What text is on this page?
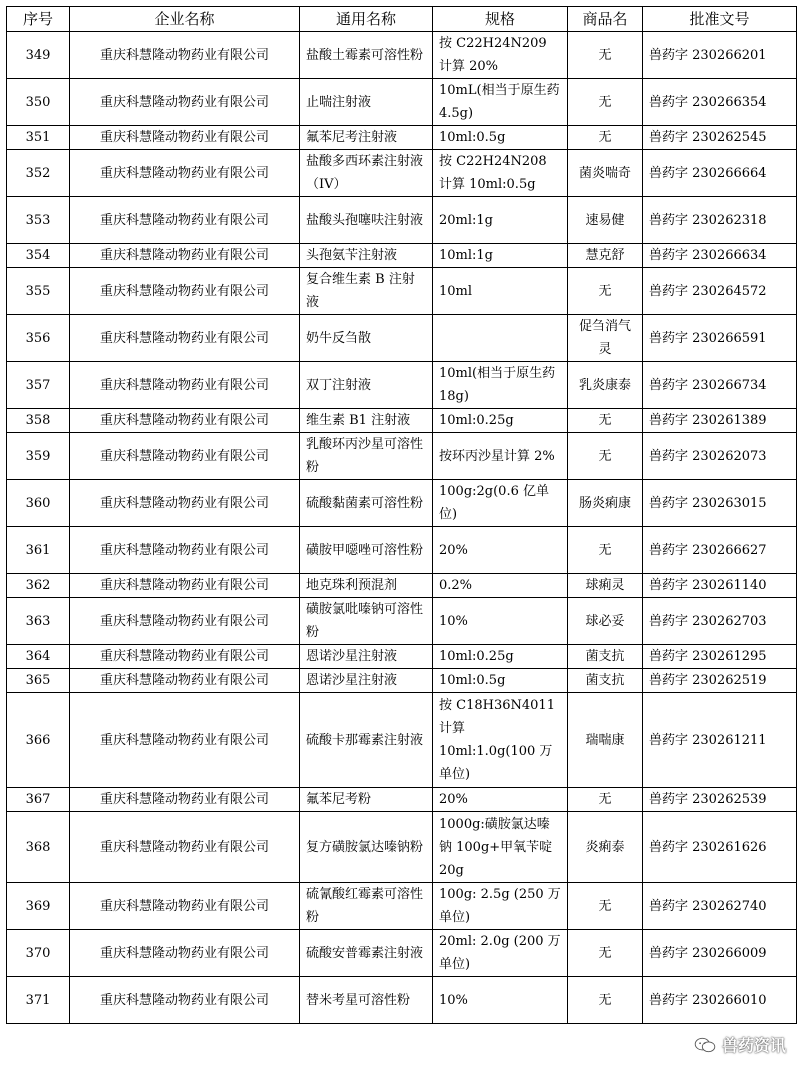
序号	企业名称	通用名称	规格	商品名	批准文号
349	重庆科慧隆动物药业有限公司	盐酸土霉素可溶性粉	按 C22H24N209 计算 20%	无	兽药字 230266201
350	重庆科慧隆动物药业有限公司	止喘注射液	10mL(相当于原生药 4.5g)	无	兽药字 230266354
351	重庆科慧隆动物药业有限公司	氟苯尼考注射液	10ml:0.5g	无	兽药字 230262545
352	重庆科慧隆动物药业有限公司	盐酸多西环素注射液（IV）	按 C22H24N208 计算 10ml:0.5g	菌炎喘奇	兽药字 230266664
353	重庆科慧隆动物药业有限公司	盐酸头孢噻呋注射液	20ml:1g	速易健	兽药字 230262318
354	重庆科慧隆动物药业有限公司	头孢氨苄注射液	10ml:1g	慧克舒	兽药字 230266634
355	重庆科慧隆动物药业有限公司	复合维生素 B 注射液	10ml	无	兽药字 230264572
356	重庆科慧隆动物药业有限公司	奶牛反刍散		促刍消气灵	兽药字 230266591
357	重庆科慧隆动物药业有限公司	双丁注射液	10ml(相当于原生药 18g)	乳炎康泰	兽药字 230266734
358	重庆科慧隆动物药业有限公司	维生素 B1 注射液	10ml:0.25g	无	兽药字 230261389
359	重庆科慧隆动物药业有限公司	乳酸环丙沙星可溶性粉	按环丙沙星计算 2%	无	兽药字 230262073
360	重庆科慧隆动物药业有限公司	硫酸黏菌素可溶性粉	100g:2g(0.6 亿单位)	肠炎痢康	兽药字 230263015
361	重庆科慧隆动物药业有限公司	磺胺甲噁唑可溶性粉	20%	无	兽药字 230266627
362	重庆科慧隆动物药业有限公司	地克珠利预混剂	0.2%	球痢灵	兽药字 230261140
363	重庆科慧隆动物药业有限公司	磺胺氯吡嗪钠可溶性粉	10%	球必妥	兽药字 230262703
364	重庆科慧隆动物药业有限公司	恩诺沙星注射液	10ml:0.25g	菌支抗	兽药字 230261295
365	重庆科慧隆动物药业有限公司	恩诺沙星注射液	10ml:0.5g	菌支抗	兽药字 230262519
366	重庆科慧隆动物药业有限公司	硫酸卡那霉素注射液	按 C18H36N4011 计算 10ml:1.0g(100 万单位)	瑞喘康	兽药字 230261211
367	重庆科慧隆动物药业有限公司	氟苯尼考粉	20%	无	兽药字 230262539
368	重庆科慧隆动物药业有限公司	复方磺胺氯达嗪钠粉	1000g:磺胺氯达嗪钠 100g+甲氧苄啶 20g	炎痢泰	兽药字 230261626
369	重庆科慧隆动物药业有限公司	硫氰酸红霉素可溶性粉	100g: 2.5g (250 万单位)	无	兽药字 230262740
370	重庆科慧隆动物药业有限公司	硫酸安普霉素注射液	20ml: 2.0g (200 万单位)	无	兽药字 230266009
371	重庆科慧隆动物药业有限公司	替米考星可溶性粉	10%	无	兽药字 230266010
兽药资讯
